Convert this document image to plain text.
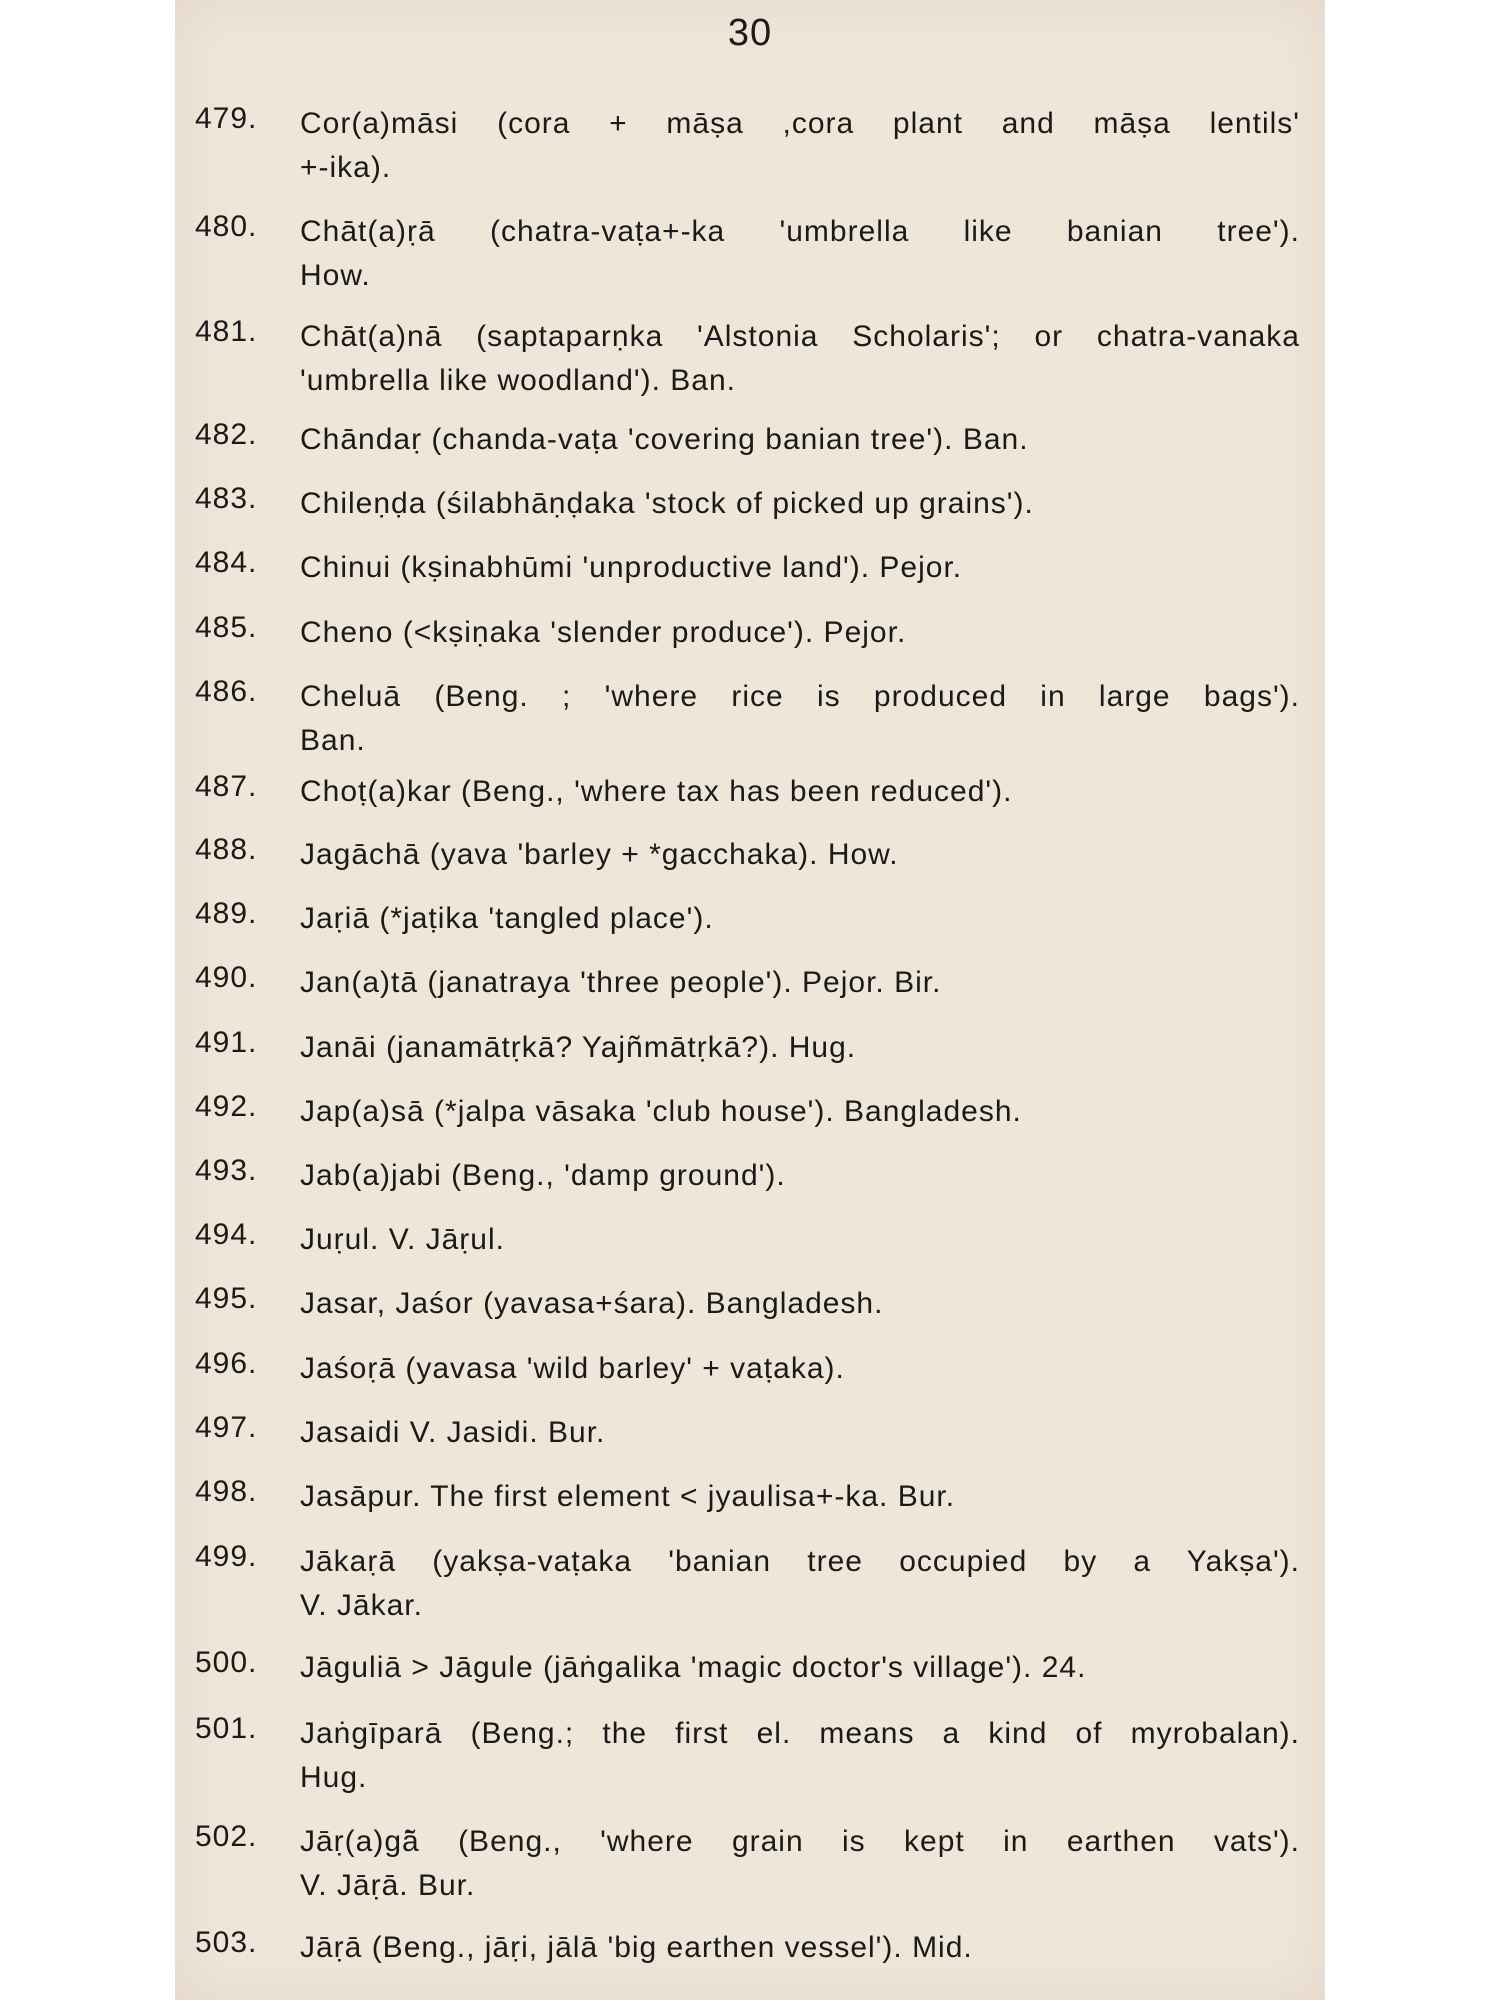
30
479.	Cor(a)māsi (cora + māṣa ,cora plant and māṣa lentils'
+-ika).
480.	Chāt(a)ṛā (chatra-vaṭa+-ka 'umbrella like banian tree').
How.
481.	Chāt(a)nā (saptaparṇka 'Alstonia Scholaris'; or chatra-vanaka
'umbrella like woodland'). Ban.
482.	Chāndaṛ (chanda-vaṭa 'covering banian tree'). Ban.
483.	Chileṇḍa (śilabhāṇḍaka 'stock of picked up grains').
484.	Chinui (kṣinabhūmi 'unproductive land'). Pejor.
485.	Cheno (<kṣiṇaka 'slender produce'). Pejor.
486.	Cheluā (Beng. ; 'where rice is produced in large bags').
Ban.
487.	Choṭ(a)kar (Beng., 'where tax has been reduced').
488.	Jagāchā (yava 'barley + *gacchaka). How.
489.	Jaṛiā (*jaṭika 'tangled place').
490.	Jan(a)tā (janatraya 'three people'). Pejor. Bir.
491.	Janāi (janamātṛkā? Yajñmātṛkā?). Hug.
492.	Jap(a)sā (*jalpa vāsaka 'club house'). Bangladesh.
493.	Jab(a)jabi (Beng., 'damp ground').
494.	Juṛul. V. Jāṛul.
495.	Jasar, Jaśor (yavasa+śara). Bangladesh.
496.	Jaśoṛā (yavasa 'wild barley' + vaṭaka).
497.	Jasaidi V. Jasidi. Bur.
498.	Jasāpur. The first element < jyaulisa+-ka. Bur.
499.	Jākaṛā (yakṣa-vaṭaka 'banian tree occupied by a Yakṣa').
V. Jākar.
500.	Jāguliā > Jāgule (jāṅgalika 'magic doctor's village'). 24.
501.	Jaṅgīparā (Beng.; the first el. means a kind of myrobalan).
Hug.
502.	Jāṛ(a)gā̃ (Beng., 'where grain is kept in earthen vats').
V. Jāṛā. Bur.
503.	Jāṛā (Beng., jāṛi, jālā 'big earthen vessel'). Mid.
